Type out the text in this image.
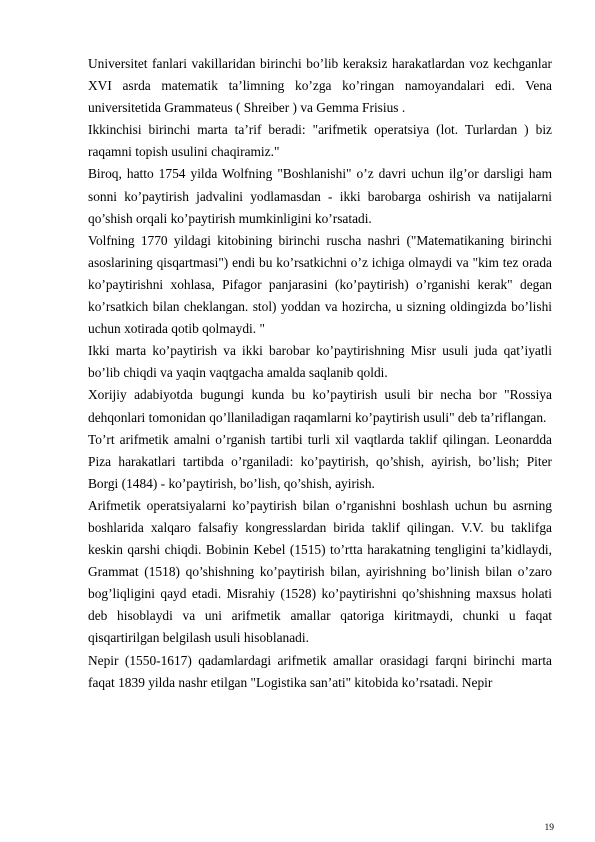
Universitet fanlari vakillaridan birinchi bo’lib keraksiz harakatlardan voz kechganlar XVI asrda matematik ta’limning ko’zga ko’ringan namoyandalari edi. Vena universitetida Grammateus ( Shreiber ) va Gemma Frisius .

Ikkinchisi birinchi marta ta’rif beradi: "arifmetik operatsiya (lot. Turlardan ) biz raqamni topish usulini chaqiramiz."

Biroq, hatto 1754 yilda Wolfning "Boshlanishi" o’z davri uchun ilg’or darsligi ham sonni ko’paytirish jadvalini yodlamasdan - ikki barobarga oshirish va natijalarni qo’shish orqali ko’paytirish mumkinligini ko’rsatadi.

Volfning 1770 yildagi kitobining birinchi ruscha nashri ("Matematikaning birinchi asoslarining qisqartmasi") endi bu ko’rsatkichni o’z ichiga olmaydi va "kim tez orada ko’paytirishni xohlasa, Pifagor panjarasini (ko’paytirish) o’rganishi kerak" degan ko’rsatkich bilan cheklangan. stol) yoddan va hozircha, u sizning oldingizda bo’lishi uchun xotirada qotib qolmaydi. "

Ikki marta ko’paytirish va ikki barobar ko’paytirishning Misr usuli juda qat’iyatli bo’lib chiqdi va yaqin vaqtgacha amalda saqlanib qoldi.

Xorijiy adabiyotda bugungi kunda bu ko’paytirish usuli bir necha bor "Rossiya dehqonlari tomonidan qo’llaniladigan raqamlarni ko’paytirish usuli" deb ta’riflangan.

To’rt arifmetik amalni o’rganish tartibi turli xil vaqtlarda taklif qilingan. Leonardda Piza harakatlari tartibda o’rganiladi: ko’paytirish, qo’shish, ayirish, bo’lish; Piter Borgi (1484) - ko’paytirish, bo’lish, qo’shish, ayirish.

Arifmetik operatsiyalarni ko’paytirish bilan o’rganishni boshlash uchun bu asrning boshlarida xalqaro falsafiy kongresslardan birida taklif qilingan. V.V. bu taklifga keskin qarshi chiqdi. Bobinin Kebel (1515) to’rtta harakatning tengligini ta’kidlaydi, Grammat (1518) qo’shishning ko’paytirish bilan, ayirishning bo’linish bilan o’zaro bog’liqligini qayd etadi. Misrahiy (1528) ko’paytirishni qo’shishning maxsus holati deb hisoblaydi va uni arifmetik amallar qatoriga kiritmaydi, chunki u faqat qisqartirilgan belgilash usuli hisoblanadi.

Nepir (1550-1617) qadamlardagi arifmetik amallar orasidagi farqni birinchi marta faqat 1839 yilda nashr etilgan "Logistika san’ati" kitobida ko’rsatadi. Nepir

19
